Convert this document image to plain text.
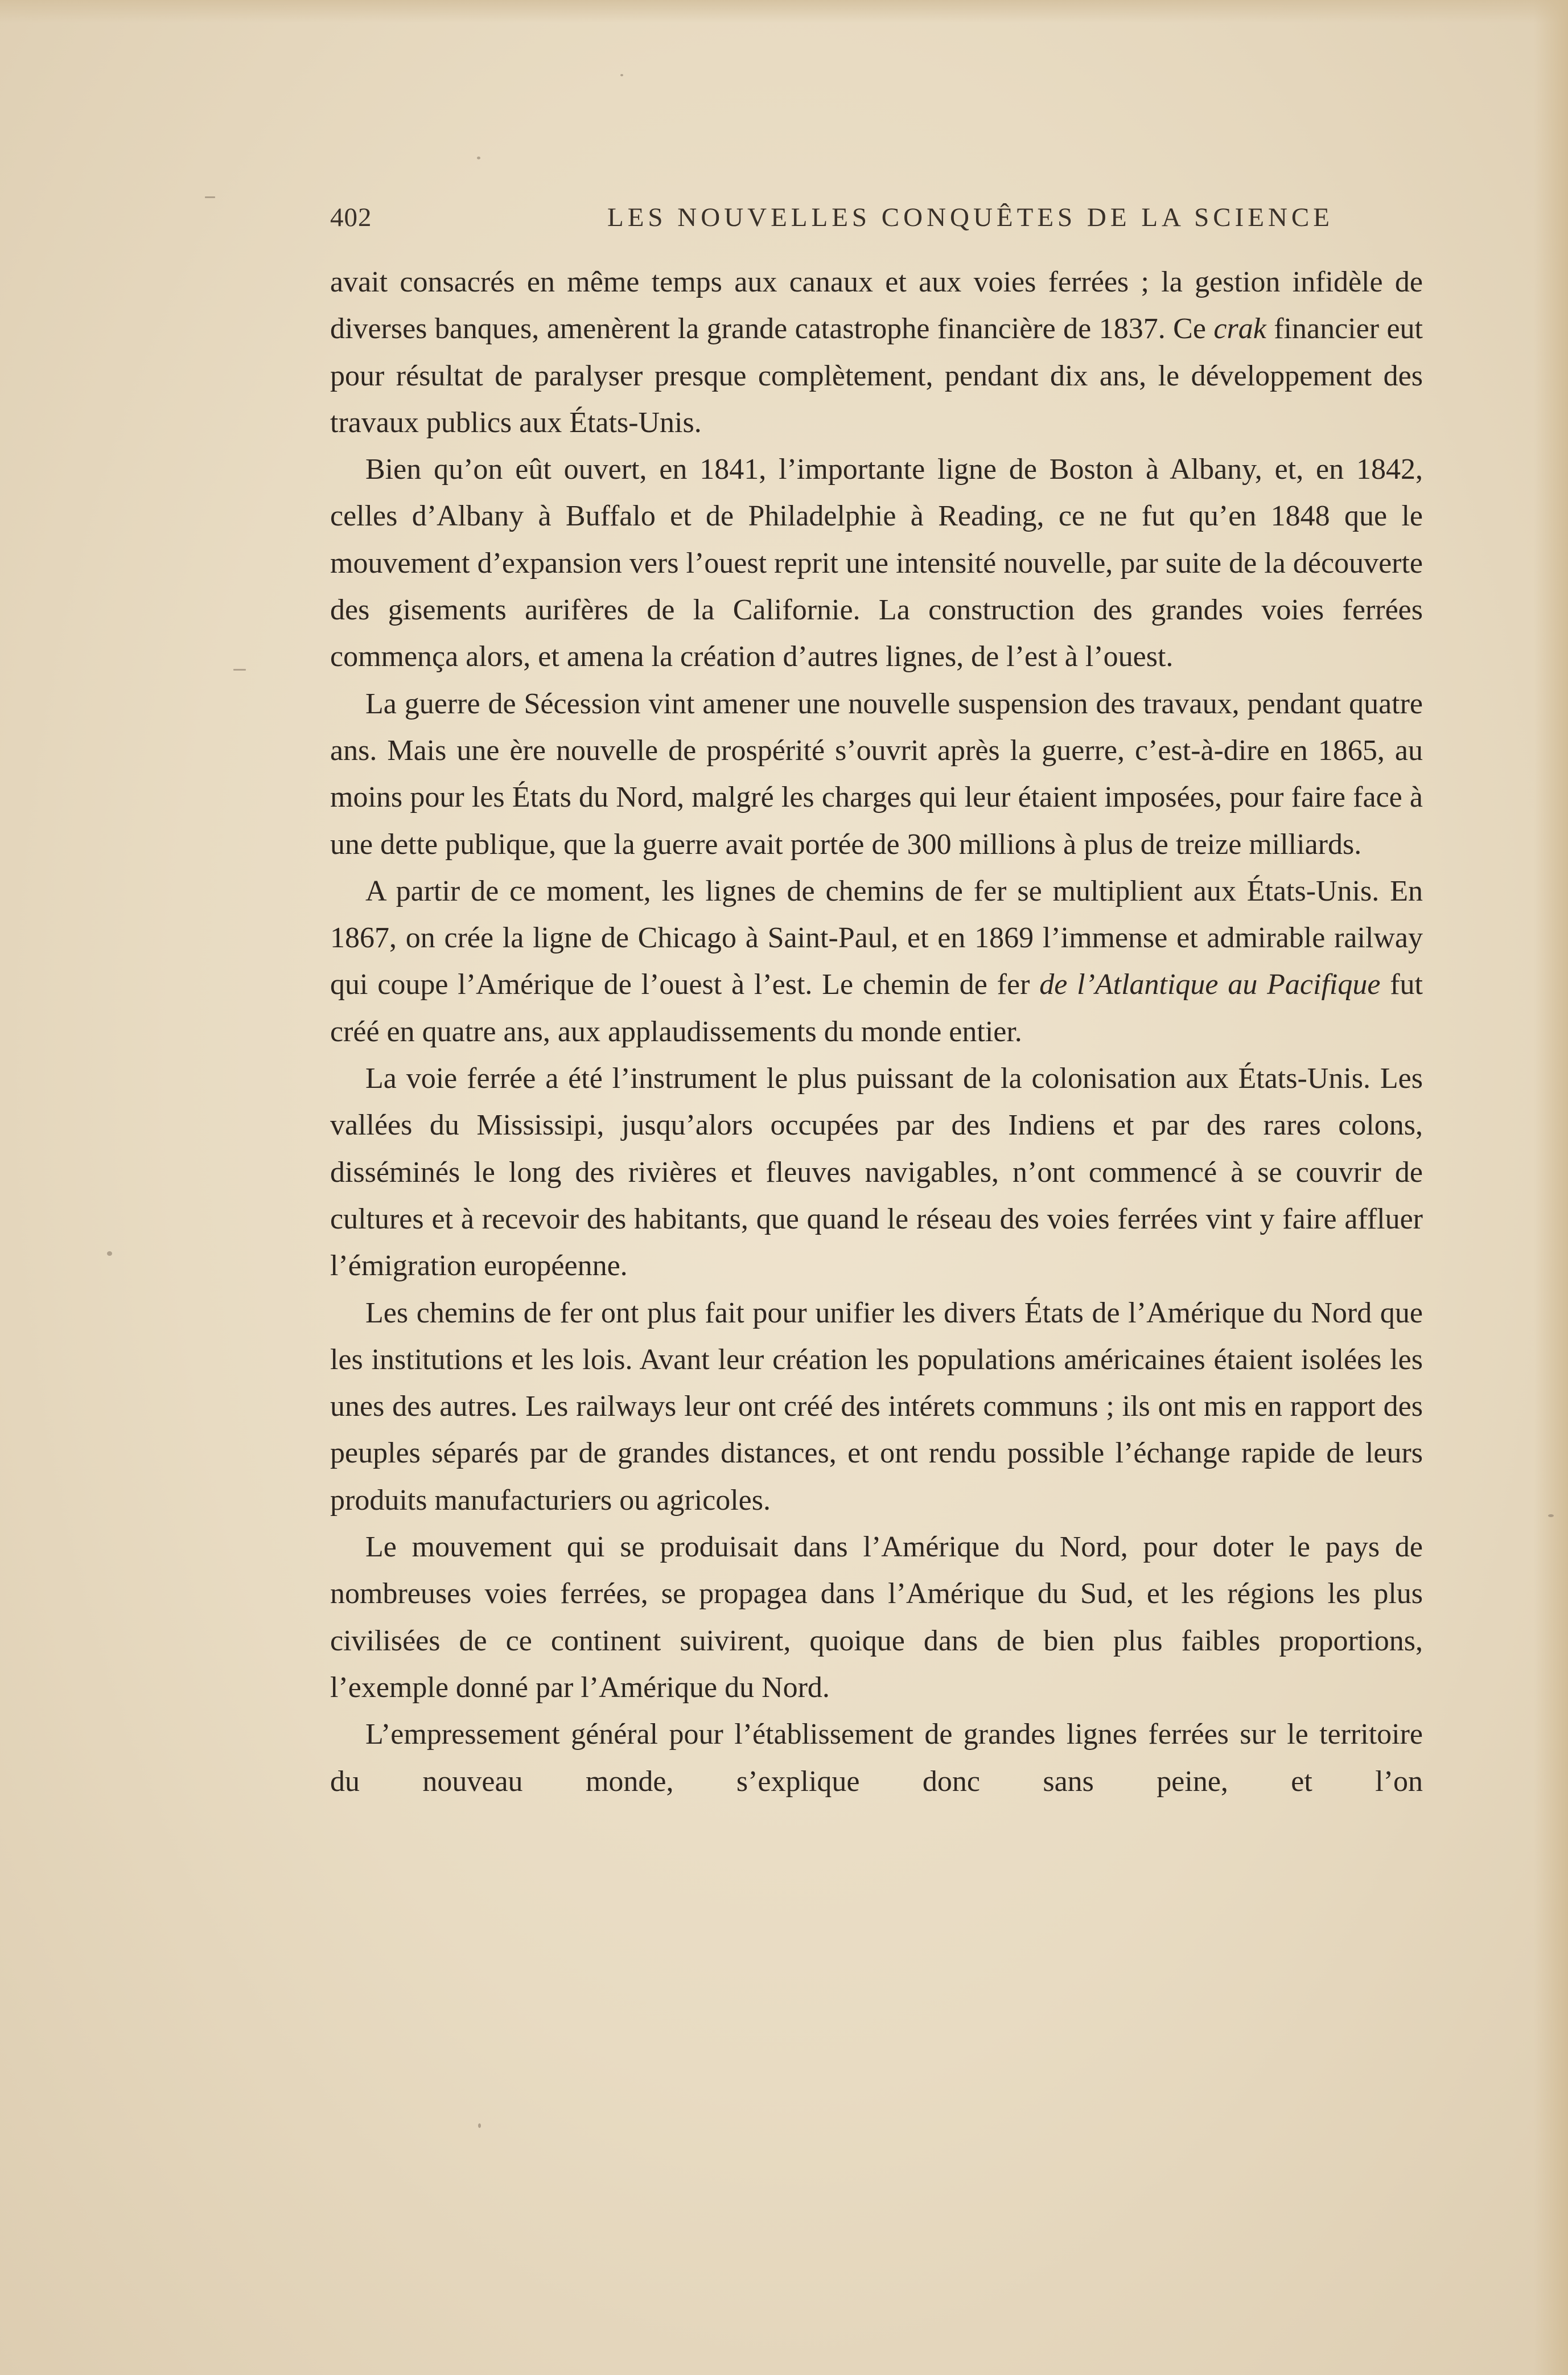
402	LES NOUVELLES CONQUÊTES DE LA SCIENCE

avait consacrés en même temps aux canaux et aux voies ferrées ; la gestion infidèle de diverses banques, amenèrent la grande catastrophe financière de 1837. Ce crak financier eut pour résultat de paralyser presque complètement, pendant dix ans, le développement des travaux publics aux États-Unis.

Bien qu’on eût ouvert, en 1841, l’importante ligne de Boston à Albany, et, en 1842, celles d’Albany à Buffalo et de Philadelphie à Reading, ce ne fut qu’en 1848 que le mouvement d’expansion vers l’ouest reprit une intensité nouvelle, par suite de la découverte des gisements aurifères de la Californie. La construction des grandes voies ferrées commença alors, et amena la création d’autres lignes, de l’est à l’ouest.

La guerre de Sécession vint amener une nouvelle suspension des travaux, pendant quatre ans. Mais une ère nouvelle de prospérité s’ouvrit après la guerre, c’est-à-dire en 1865, au moins pour les États du Nord, malgré les charges qui leur étaient imposées, pour faire face à une dette publique, que la guerre avait portée de 300 millions à plus de treize milliards.

A partir de ce moment, les lignes de chemins de fer se multiplient aux États-Unis. En 1867, on crée la ligne de Chicago à Saint-Paul, et en 1869 l’immense et admirable railway qui coupe l’Amérique de l’ouest à l’est. Le chemin de fer de l’Atlantique au Pacifique fut créé en quatre ans, aux applaudissements du monde entier.

La voie ferrée a été l’instrument le plus puissant de la colonisation aux États-Unis. Les vallées du Mississipi, jusqu’alors occupées par des Indiens et par des rares colons, disséminés le long des rivières et fleuves navigables, n’ont commencé à se couvrir de cultures et à recevoir des habitants, que quand le réseau des voies ferrées vint y faire affluer l’émigration européenne.

Les chemins de fer ont plus fait pour unifier les divers États de l’Amérique du Nord que les institutions et les lois. Avant leur création les populations américaines étaient isolées les unes des autres. Les railways leur ont créé des intérets communs ; ils ont mis en rapport des peuples séparés par de grandes distances, et ont rendu possible l’échange rapide de leurs produits manufacturiers ou agricoles.

Le mouvement qui se produisait dans l’Amérique du Nord, pour doter le pays de nombreuses voies ferrées, se propagea dans l’Amérique du Sud, et les régions les plus civilisées de ce continent suivirent, quoique dans de bien plus faibles proportions, l’exemple donné par l’Amérique du Nord.

L’empressement général pour l’établissement de grandes lignes ferrées sur le territoire du nouveau monde, s’explique donc sans peine, et l’on
